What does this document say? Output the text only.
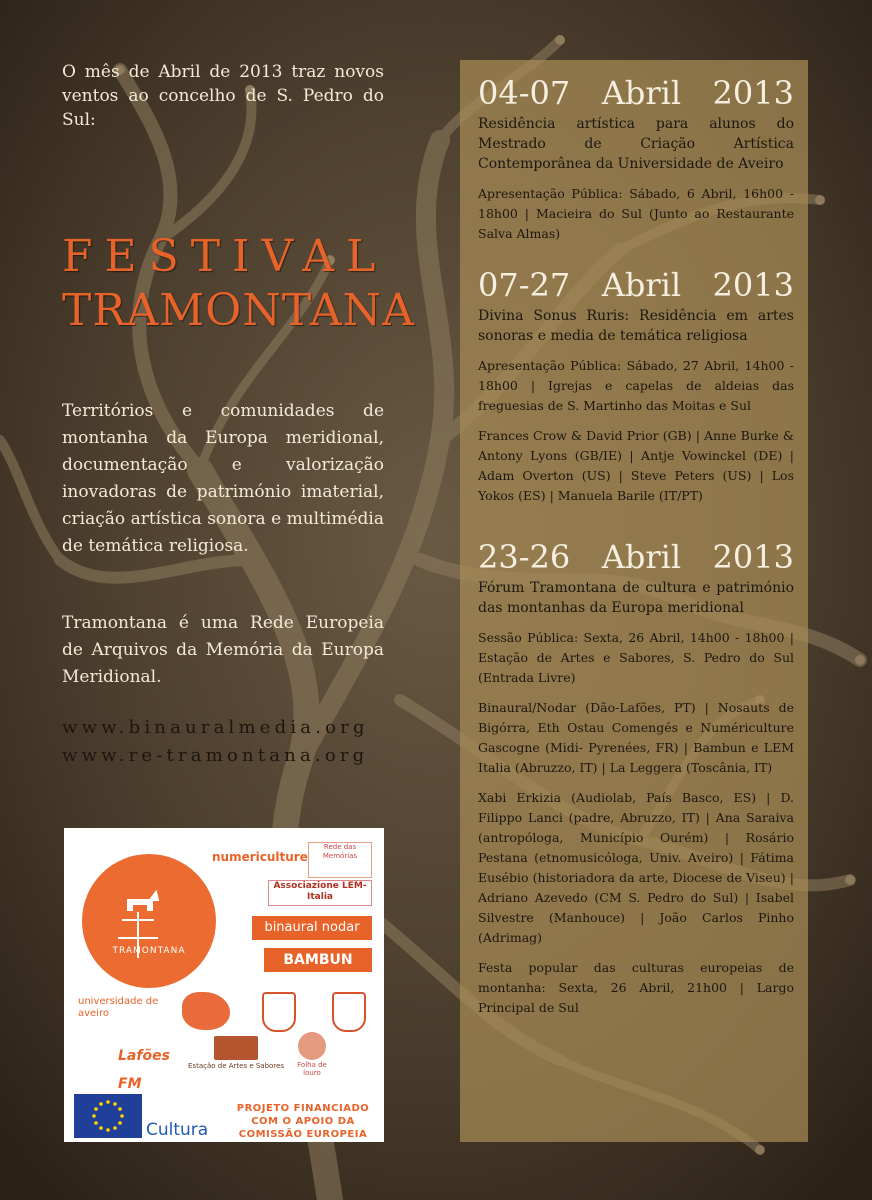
O mês de Abril de 2013 traz novos ventos ao concelho de S. Pedro do Sul:

FESTIVAL
TRAMONTANA

Territórios e comunidades de montanha da Europa meridional, documentação e valorização inovadoras de património imaterial, criação artística sonora e multimédia de temática religiosa.

Tramontana é uma Rede Europeia de Arquivos da Memória da Europa Meridional.

www.binauralmedia.org
www.re-tramontana.org
TRAMONTANA
numericulture
Rede das Memórias
Associazione LEM-Italia
binaural nodar
BAMBUN
universidade de aveiro
Lafões FM
Estação de Artes e Sabores	Folha de louro
Cultura
PROJETO FINANCIADO COM O APOIO DA COMISSÃO EUROPEIA
04-07 Abril 2013

Residência artística para alunos do Mestrado de Criação Artística Contemporânea da Universidade de Aveiro

Apresentação Pública: Sábado, 6 Abril, 16h00 - 18h00 | Macieira do Sul (Junto ao Restaurante Salva Almas)

07-27 Abril 2013

Divina Sonus Ruris: Residência em artes sonoras e media de temática religiosa

Apresentação Pública: Sábado, 27 Abril, 14h00 - 18h00 | Igrejas e capelas de aldeias das freguesias de S. Martinho das Moitas e Sul

Frances Crow & David Prior (GB) | Anne Burke & Antony Lyons (GB/IE) | Antje Vowinckel (DE) | Adam Overton (US) | Steve Peters (US) | Los Yokos (ES) | Manuela Barile (IT/PT)

23-26 Abril 2013

Fórum Tramontana de cultura e património das montanhas da Europa meridional

Sessão Pública: Sexta, 26 Abril, 14h00 - 18h00 | Estação de Artes e Sabores, S. Pedro do Sul (Entrada Livre)

Binaural/Nodar (Dão-Lafões, PT) | Nosauts de Bigórra, Eth Ostau Comengés e Numériculture Gascogne (Midi- Pyrenées, FR) | Bambun e LEM Italia (Abruzzo, IT) | La Leggera (Toscânia, IT)

Xabi Erkizia (Audiolab, País Basco, ES) | D. Filippo Lanci (padre, Abruzzo, IT) | Ana Saraiva (antropóloga, Município Ourém) | Rosário Pestana (etnomusicóloga, Univ. Aveiro) | Fátima Eusébio (historiadora da arte, Diocese de Viseu) | Adriano Azevedo (CM S. Pedro do Sul) | Isabel Silvestre (Manhouce) | João Carlos Pinho (Adrimag)

Festa popular das culturas europeias de montanha: Sexta, 26 Abril, 21h00 | Largo Principal de Sul
